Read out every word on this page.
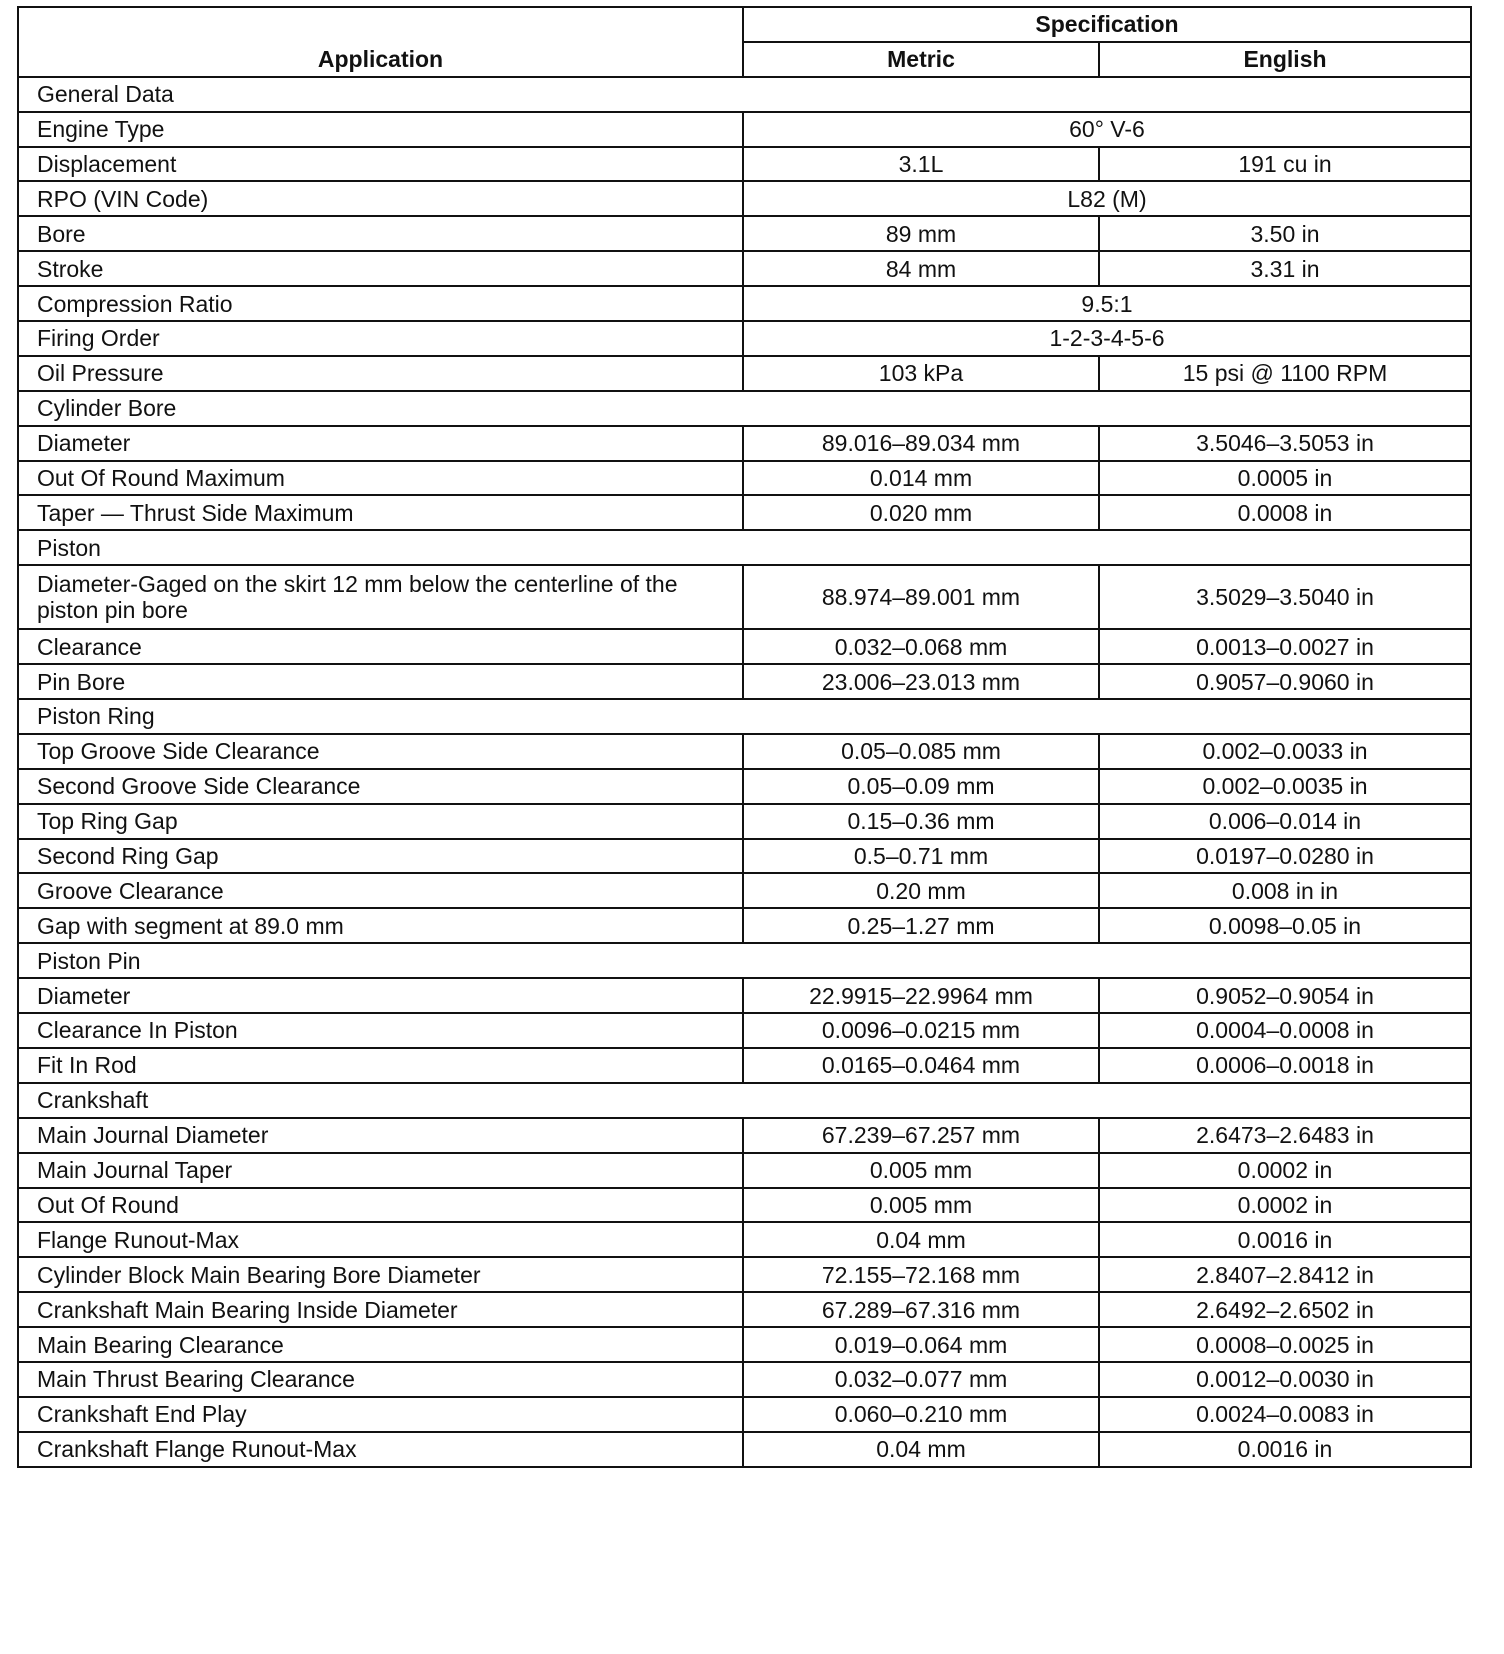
Application	Specification	
	Metric	English
General Data		
Engine Type	60° V-6	
Displacement	3.1L	191 cu in
RPO (VIN Code)	L82 (M)	
Bore	89 mm	3.50 in
Stroke	84 mm	3.31 in
Compression Ratio	9.5:1	
Firing Order	1-2-3-4-5-6	
Oil Pressure	103 kPa	15 psi @ 1100 RPM
Cylinder Bore		
Diameter	89.016–89.034 mm	3.5046–3.5053 in
Out Of Round Maximum	0.014 mm	0.0005 in
Taper — Thrust Side Maximum	0.020 mm	0.0008 in
Piston		
Diameter-Gaged on the skirt 12 mm below the centerline of the piston pin bore	88.974–89.001 mm	3.5029–3.5040 in
Clearance	0.032–0.068 mm	0.0013–0.0027 in
Pin Bore	23.006–23.013 mm	0.9057–0.9060 in
Piston Ring		
Top Groove Side Clearance	0.05–0.085 mm	0.002–0.0033 in
Second Groove Side Clearance	0.05–0.09 mm	0.002–0.0035 in
Top Ring Gap	0.15–0.36 mm	0.006–0.014 in
Second Ring Gap	0.5–0.71 mm	0.0197–0.0280 in
Groove Clearance	0.20 mm	0.008 in in
Gap with segment at 89.0 mm	0.25–1.27 mm	0.0098–0.05 in
Piston Pin		
Diameter	22.9915–22.9964 mm	0.9052–0.9054 in
Clearance In Piston	0.0096–0.0215 mm	0.0004–0.0008 in
Fit In Rod	0.0165–0.0464 mm	0.0006–0.0018 in
Crankshaft		
Main Journal Diameter	67.239–67.257 mm	2.6473–2.6483 in
Main Journal Taper	0.005 mm	0.0002 in
Out Of Round	0.005 mm	0.0002 in
Flange Runout-Max	0.04 mm	0.0016 in
Cylinder Block Main Bearing Bore Diameter	72.155–72.168 mm	2.8407–2.8412 in
Crankshaft Main Bearing Inside Diameter	67.289–67.316 mm	2.6492–2.6502 in
Main Bearing Clearance	0.019–0.064 mm	0.0008–0.0025 in
Main Thrust Bearing Clearance	0.032–0.077 mm	0.0012–0.0030 in
Crankshaft End Play	0.060–0.210 mm	0.0024–0.0083 in
Crankshaft Flange Runout-Max	0.04 mm	0.0016 in
